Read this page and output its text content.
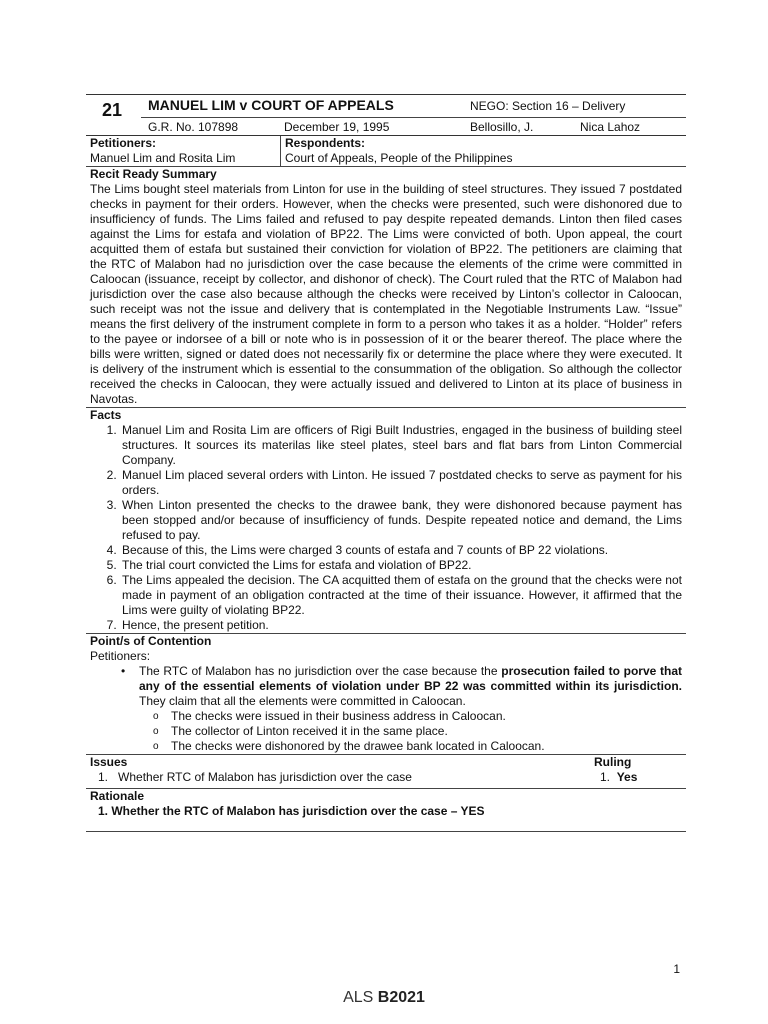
21 MANUEL LIM v COURT OF APPEALS	NEGO: Section 16 – Delivery
G.R. No. 107898	December 19, 1995	Bellosillo, J.	Nica Lahoz
Petitioners:
Manuel Lim and Rosita Lim
Respondents:
Court of Appeals, People of the Philippines
Recit Ready Summary
The Lims bought steel materials from Linton for use in the building of steel structures. They issued 7 postdated checks in payment for their orders. However, when the checks were presented, such were dishonored due to insufficiency of funds. The Lims failed and refused to pay despite repeated demands. Linton then filed cases against the Lims for estafa and violation of BP22. The Lims were convicted of both. Upon appeal, the court acquitted them of estafa but sustained their conviction for violation of BP22. The petitioners are claiming that the RTC of Malabon had no jurisdiction over the case because the elements of the crime were committed in Caloocan (issuance, receipt by collector, and dishonor of check). The Court ruled that the RTC of Malabon had jurisdiction over the case also because although the checks were received by Linton’s collector in Caloocan, such receipt was not the issue and delivery that is contemplated in the Negotiable Instruments Law. “Issue” means the first delivery of the instrument complete in form to a person who takes it as a holder. “Holder” refers to the payee or indorsee of a bill or note who is in possession of it or the bearer thereof. The place where the bills were written, signed or dated does not necessarily fix or determine the place where they were executed. It is delivery of the instrument which is essential to the consummation of the obligation. So although the collector received the checks in Caloocan, they were actually issued and delivered to Linton at its place of business in Navotas.
Facts
1. Manuel Lim and Rosita Lim are officers of Rigi Built Industries, engaged in the business of building steel structures. It sources its materilas like steel plates, steel bars and flat bars from Linton Commercial Company.
2. Manuel Lim placed several orders with Linton. He issued 7 postdated checks to serve as payment for his orders.
3. When Linton presented the checks to the drawee bank, they were dishonored because payment has been stopped and/or because of insufficiency of funds. Despite repeated notice and demand, the Lims refused to pay.
4. Because of this, the Lims were charged 3 counts of estafa and 7 counts of BP 22 violations.
5. The trial court convicted the Lims for estafa and violation of BP22.
6. The Lims appealed the decision. The CA acquitted them of estafa on the ground that the checks were not made in payment of an obligation contracted at the time of their issuance. However, it affirmed that the Lims were guilty of violating BP22.
7. Hence, the present petition.
Point/s of Contention
Petitioners:
• The RTC of Malabon has no jurisdiction over the case because the prosecution failed to porve that any of the essential elements of violation under BP 22 was committed within its jurisdiction. They claim that all the elements were committed in Caloocan.
o The checks were issued in their business address in Caloocan.
o The collector of Linton received it in the same place.
o The checks were dishonored by the drawee bank located in Caloocan.
Issues	Ruling
1. Whether RTC of Malabon has jurisdiction over the case	1. Yes
Rationale
1. Whether the RTC of Malabon has jurisdiction over the case – YES
1
ALS B2021
